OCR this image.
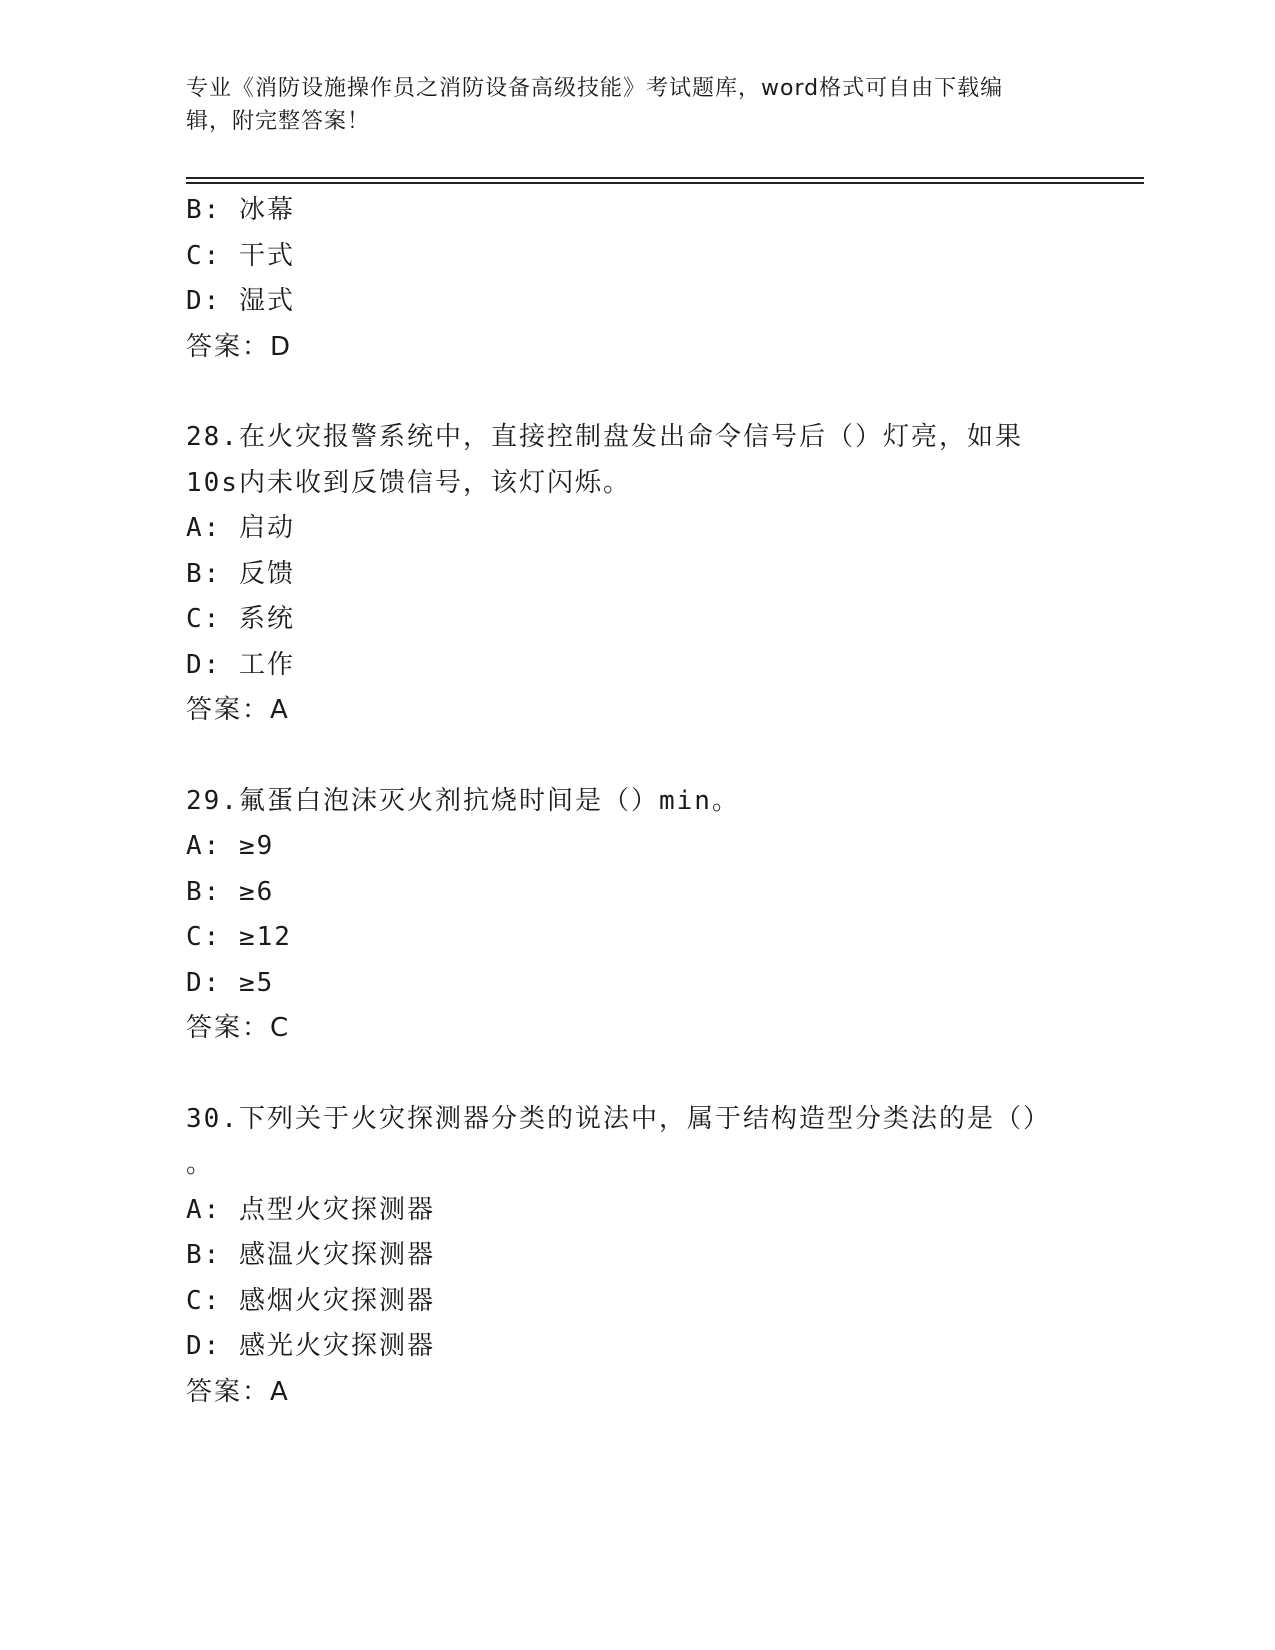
专业《消防设施操作员之消防设备高级技能》考试题库，word格式可自由下载编
辑，附完整答案！
B: 冰幕
C: 干式
D: 湿式
答案：D
28.在火灾报警系统中，直接控制盘发出命令信号后（）灯亮，如果
10s内未收到反馈信号，该灯闪烁。
A: 启动
B: 反馈
C: 系统
D: 工作
答案：A
29.氟蛋白泡沫灭火剂抗烧时间是（）min。
A: ≥9
B: ≥6
C: ≥12
D: ≥5
答案：C
30.下列关于火灾探测器分类的说法中，属于结构造型分类法的是（）
。
A: 点型火灾探测器
B: 感温火灾探测器
C: 感烟火灾探测器
D: 感光火灾探测器
答案：A
